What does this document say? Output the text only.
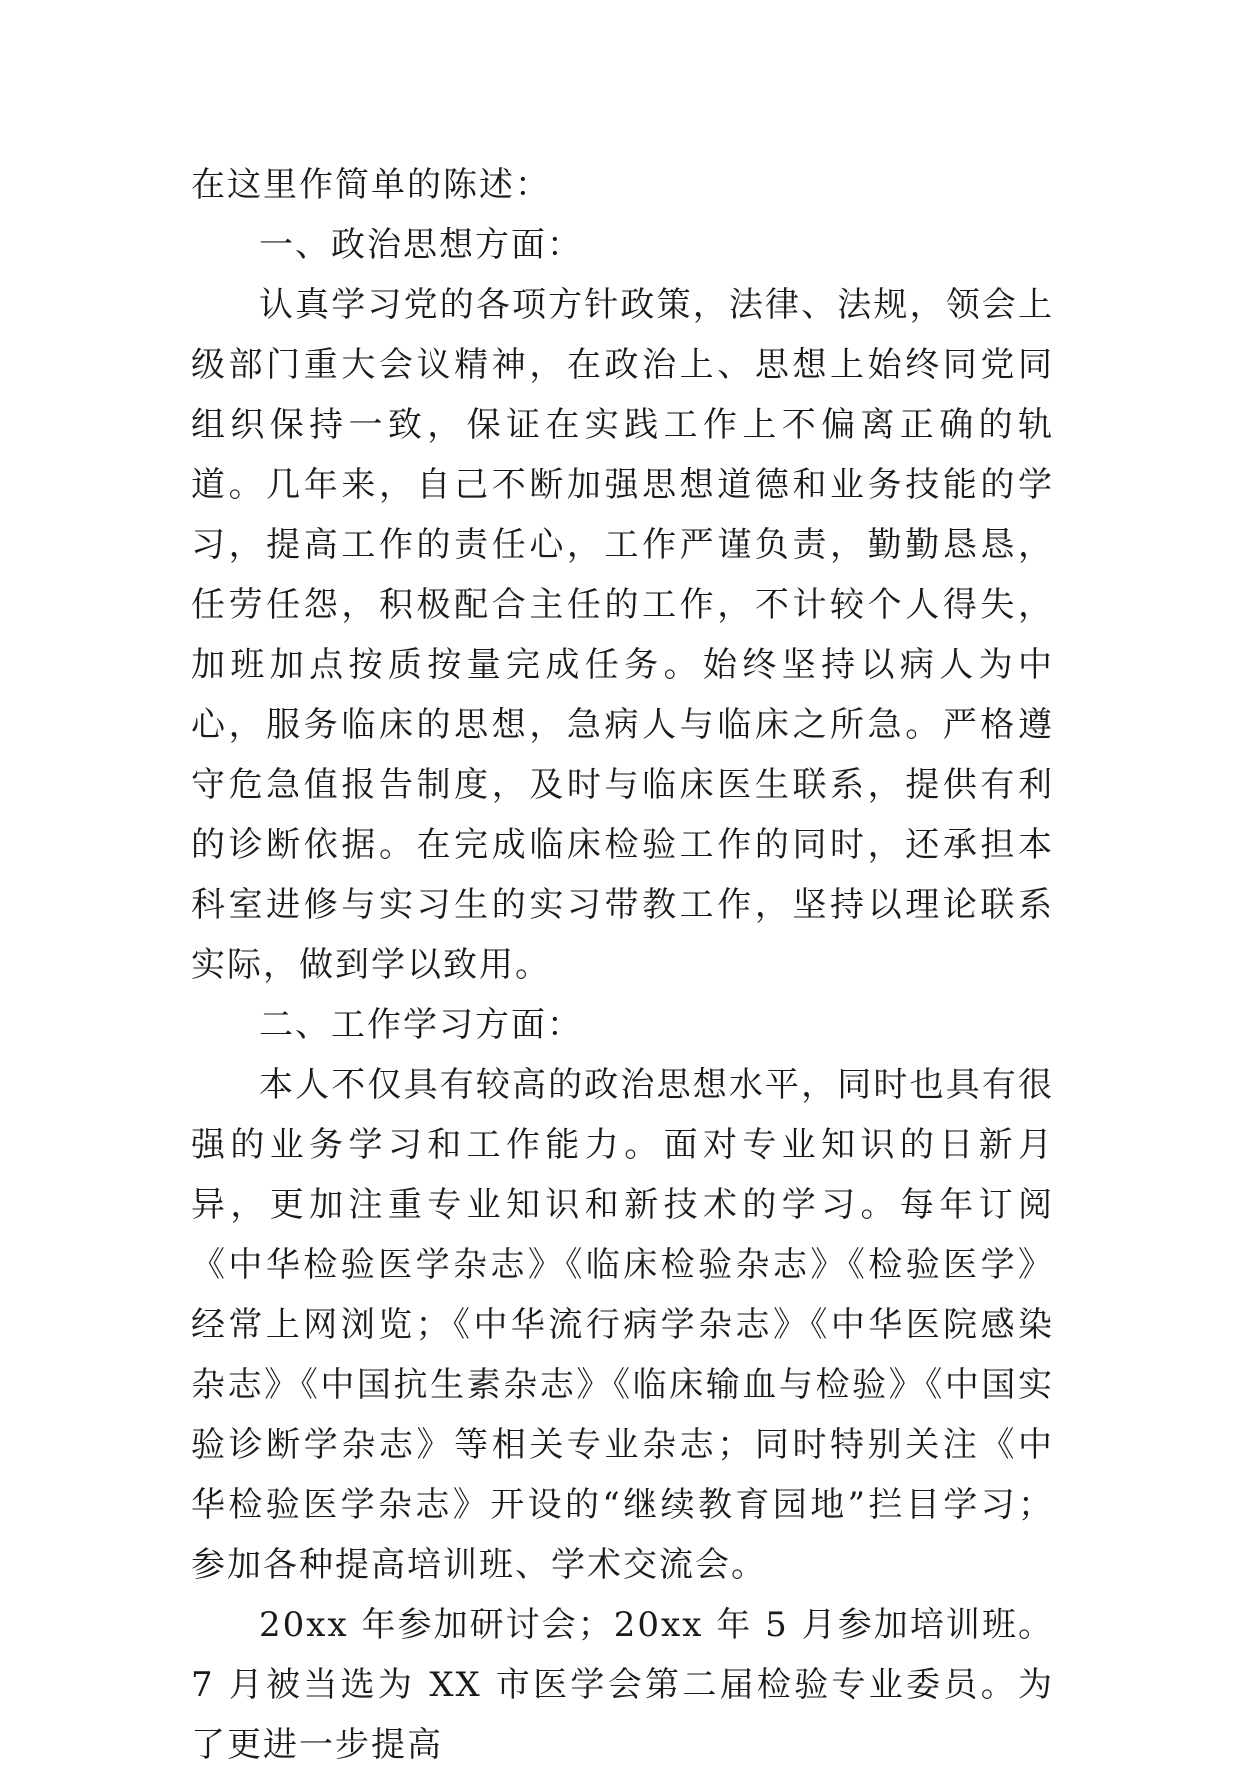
在这里作简单的陈述：

一、政治思想方面：

认真学习党的各项方针政策，法律、法规，领会上级部门重大会议精神，在政治上、思想上始终同党同组织保持一致，保证在实践工作上不偏离正确的轨道。几年来，自己不断加强思想道德和业务技能的学习，提高工作的责任心，工作严谨负责，勤勤恳恳，任劳任怨，积极配合主任的工作，不计较个人得失，加班加点按质按量完成任务。始终坚持以病人为中心，服务临床的思想，急病人与临床之所急。严格遵守危急值报告制度，及时与临床医生联系，提供有利的诊断依据。在完成临床检验工作的同时，还承担本科室进修与实习生的实习带教工作，坚持以理论联系实际，做到学以致用。

二、工作学习方面：

本人不仅具有较高的政治思想水平，同时也具有很强的业务学习和工作能力。面对专业知识的日新月异，更加注重专业知识和新技术的学习。每年订阅《中华检验医学杂志》《临床检验杂志》《检验医学》经常上网浏览；《中华流行病学杂志》《中华医院感染杂志》《中国抗生素杂志》《临床输血与检验》《中国实验诊断学杂志》等相关专业杂志；同时特别关注《中华检验医学杂志》开设的“继续教育园地”拦目学习；参加各种提高培训班、学术交流会。

20xx 年参加研讨会；20xx 年 5 月参加培训班。7 月被当选为 XX 市医学会第二届检验专业委员。为了更进一步提高
